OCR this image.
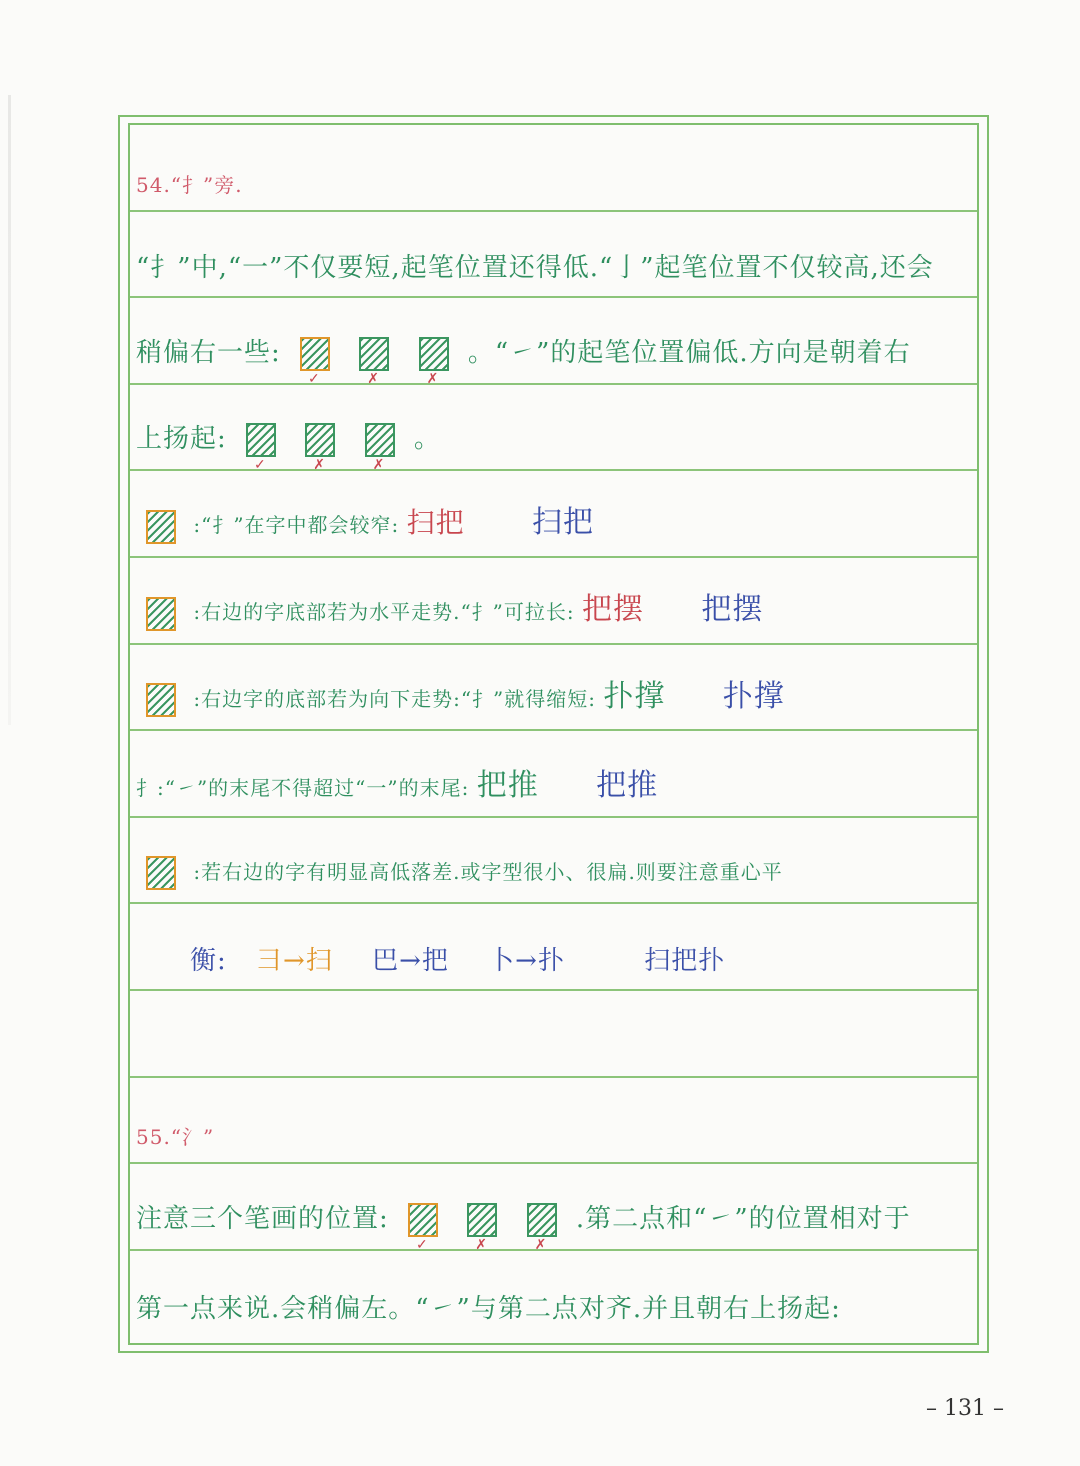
54.“扌”旁.
“扌”中,“一”不仅要短,起笔位置还得低.“亅”起笔位置不仅较高,还会
稍偏右一些:
✓
	✗
	✗
。“㇀”的起笔位置偏低.方向是朝着右
上扬起:
✓
	✗
	✗
。
:“扌”在字中都会较窄: 扫把 扫把
:右边的字底部若为水平走势.“扌”可拉长: 把摆 把摆
:右边字的底部若为向下走势:“扌”就得缩短: 扑撑 扑撑
扌:“㇀”的末尾不得超过“一”的末尾: 把推 把推
:若右边的字有明显高低落差.或字型很小、很扁.则要注意重心平
衡: 彐→扫 巴→把 卜→扑	扫把扑
55.“氵”
注意三个笔画的位置:
✓
	✗
	✗
.第二点和“㇀”的位置相对于
第一点来说.会稍偏左。“㇀”与第二点对齐.并且朝右上扬起:
– 131 –
